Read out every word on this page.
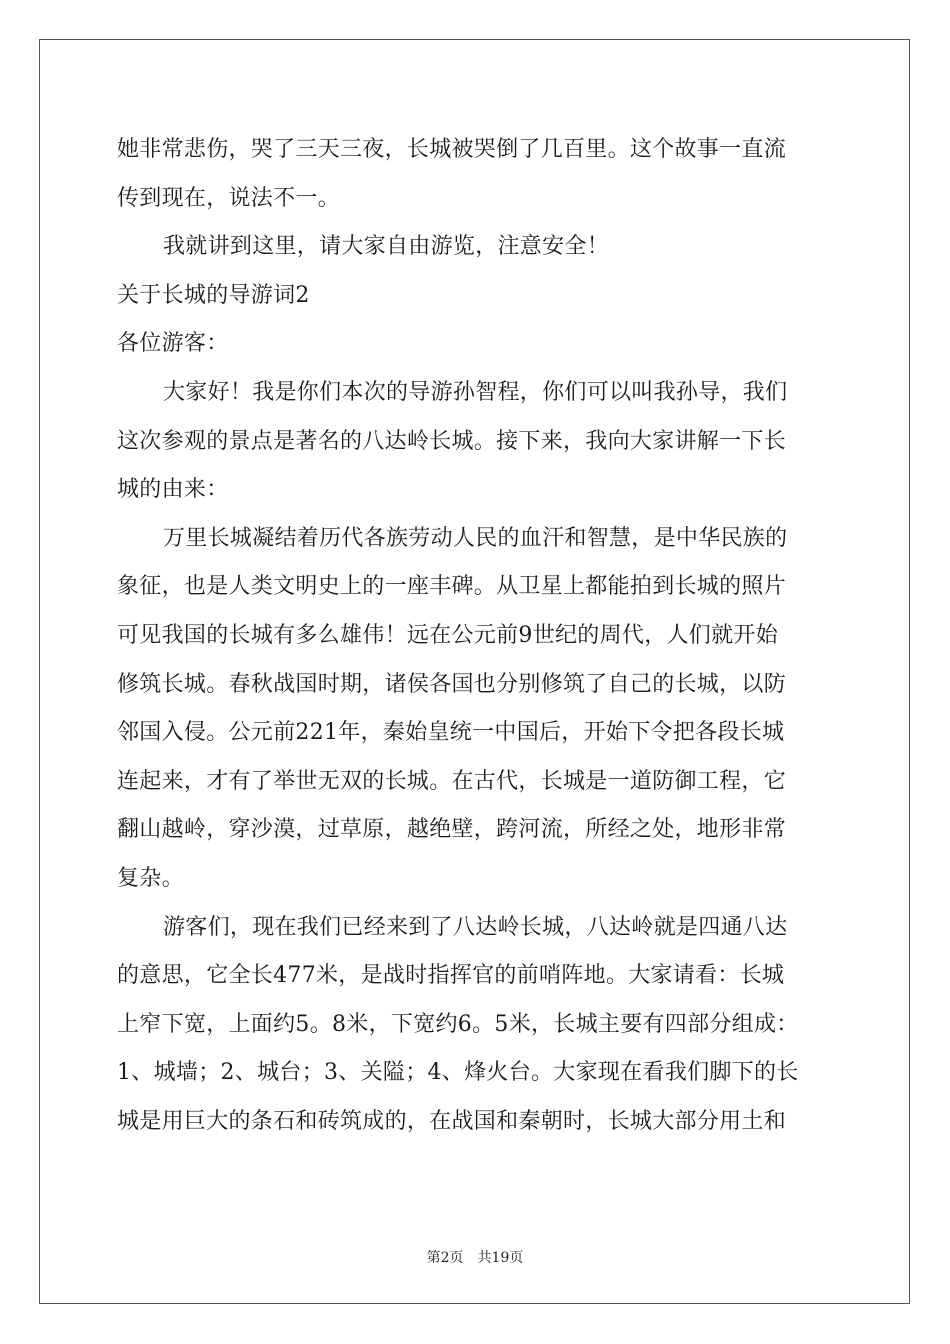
她非常悲伤，哭了三天三夜，长城被哭倒了几百里。这个故事一直流
传到现在，说法不一。
我就讲到这里，请大家自由游览，注意安全！
关于长城的导游词2
各位游客：
大家好！我是你们本次的导游孙智程，你们可以叫我孙导，我们
这次参观的景点是著名的八达岭长城。接下来，我向大家讲解一下长
城的由来：
万里长城凝结着历代各族劳动人民的血汗和智慧，是中华民族的
象征，也是人类文明史上的一座丰碑。从卫星上都能拍到长城的照片
可见我国的长城有多么雄伟！远在公元前9世纪的周代，人们就开始
修筑长城。春秋战国时期，诸侯各国也分别修筑了自己的长城，以防
邻国入侵。公元前221年，秦始皇统一中国后，开始下令把各段长城
连起来，才有了举世无双的长城。在古代，长城是一道防御工程，它
翻山越岭，穿沙漠，过草原，越绝壁，跨河流，所经之处，地形非常
复杂。
游客们，现在我们已经来到了八达岭长城，八达岭就是四通八达
的意思，它全长477米，是战时指挥官的前哨阵地。大家请看：长城
上窄下宽，上面约5。8米，下宽约6。5米，长城主要有四部分组成：
1、城墙；2、城台；3、关隘；4、烽火台。大家现在看我们脚下的长
城是用巨大的条石和砖筑成的，在战国和秦朝时，长城大部分用土和
第2页 共19页
